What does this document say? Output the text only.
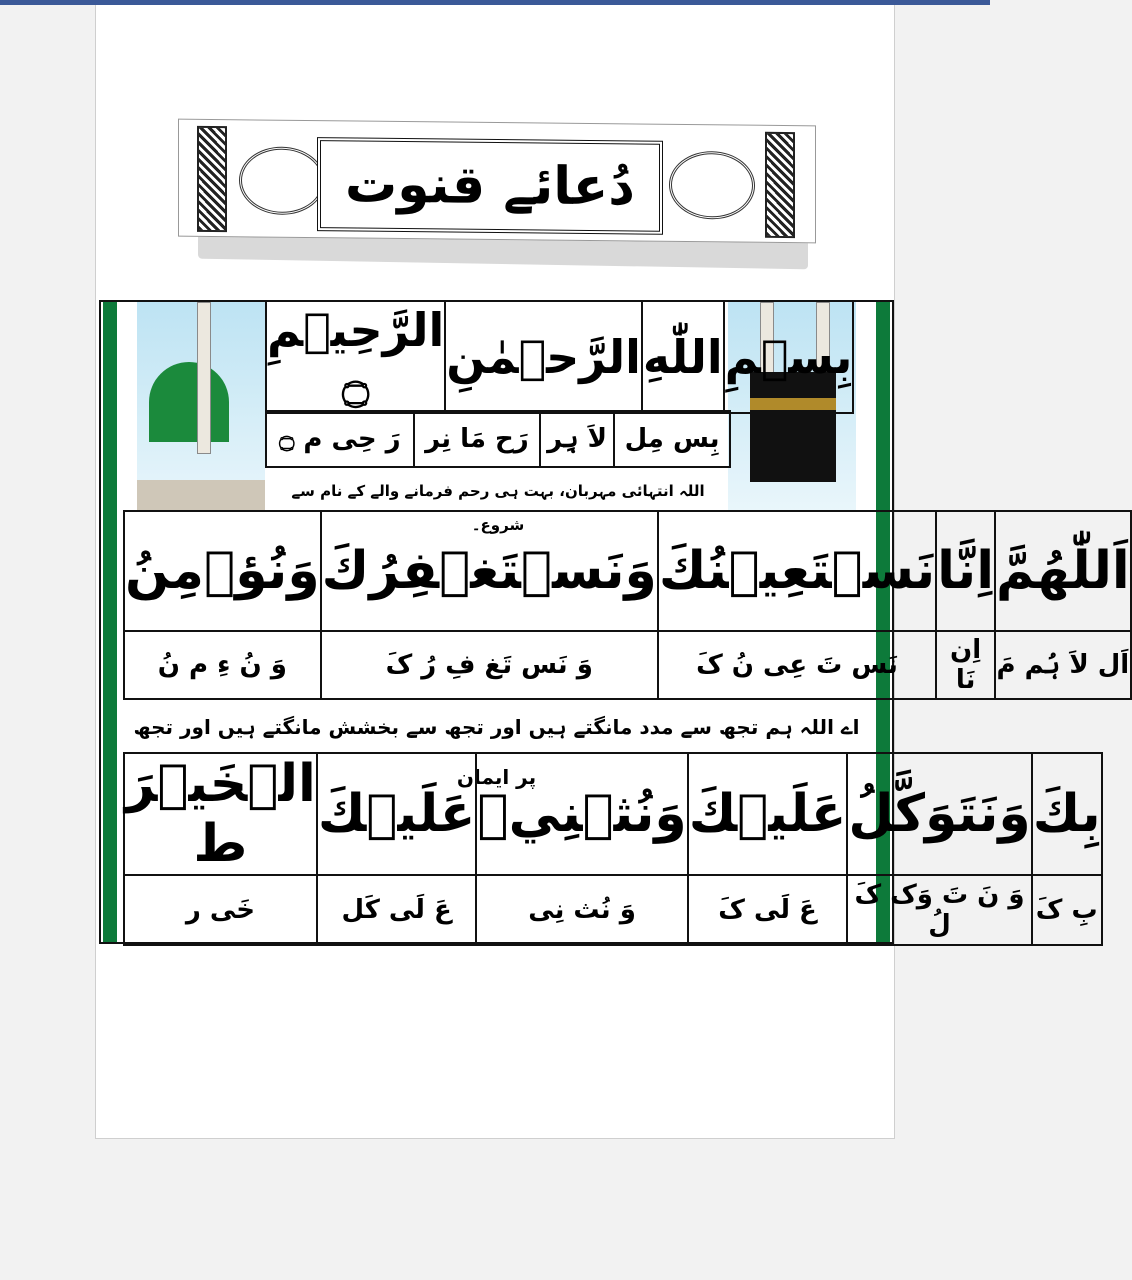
دُعائے قنوت
الرَّحِيۡمِ ۝	الرَّحۡمٰنِ	اللّٰهِ	بِسۡمِ
رَ حِی م ۝	رَح مَا نِر	لاَ ہِر	بِس مِل
اللہ انتہائی مہربان، بہت ہی رحم فرمانے والے کے نام سے شروع۔
وَنُؤۡمِنُ	وَنَسۡتَغۡفِرُكَ	نَسۡتَعِيۡنُكَ	اِنَّا	اَللّٰهُمَّ
وَ نُ ءِ م نُ	وَ نَس تَغ فِ رُ کَ	نَس تَ عِی نُ کَ	اِن نَا	اَل لاَ ہُم مَ
اے اللہ ہم تجھ سے مدد مانگتے ہیں اور تجھ سے بخشش مانگتے ہیں اور تجھ پر ایمان
الۡخَيۡرَ ط	عَلَيۡكَ	وَنُثۡنِيۡ	عَلَيۡكَ	وَنَتَوَكَّلُ	بِكَ
خَی ر	عَ لَی کَل	وَ نُث نِی	عَ لَی کَ	وَ نَ تَ وَک کَ لُ	بِ کَ
